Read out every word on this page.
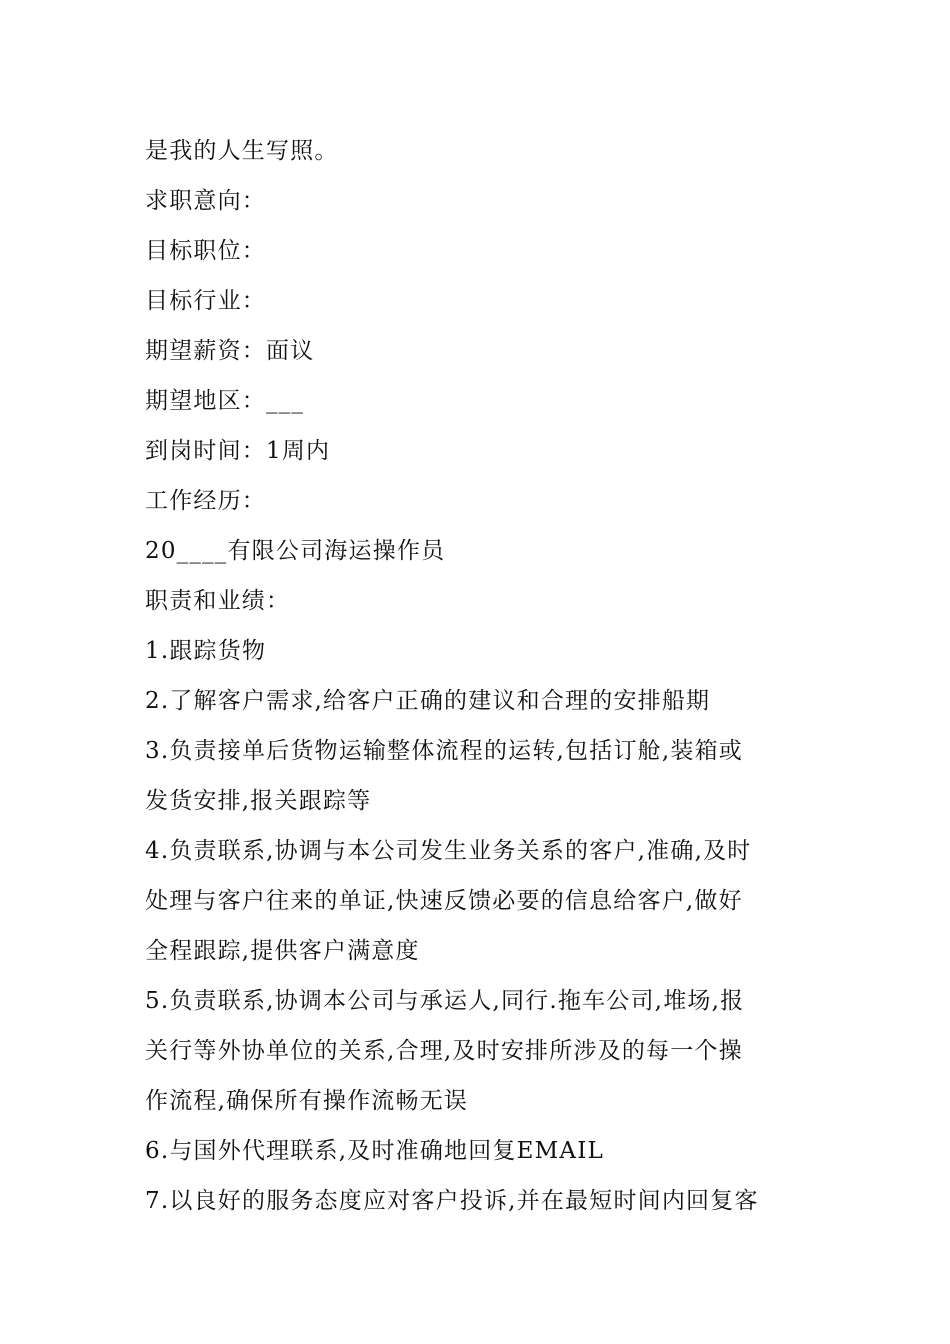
是我的人生写照。
求职意向：
目标职位：
目标行业：
期望薪资：面议
期望地区：___
到岗时间：1周内
工作经历：
20____有限公司海运操作员
职责和业绩：
1.跟踪货物
2.了解客户需求,给客户正确的建议和合理的安排船期
3.负责接单后货物运输整体流程的运转,包括订舱,装箱或
发货安排,报关跟踪等
4.负责联系,协调与本公司发生业务关系的客户,准确,及时
处理与客户往来的单证,快速反馈必要的信息给客户,做好
全程跟踪,提供客户满意度
5.负责联系,协调本公司与承运人,同行.拖车公司,堆场,报
关行等外协单位的关系,合理,及时安排所涉及的每一个操
作流程,确保所有操作流畅无误
6.与国外代理联系,及时准确地回复EMAIL
7.以良好的服务态度应对客户投诉,并在最短时间内回复客
